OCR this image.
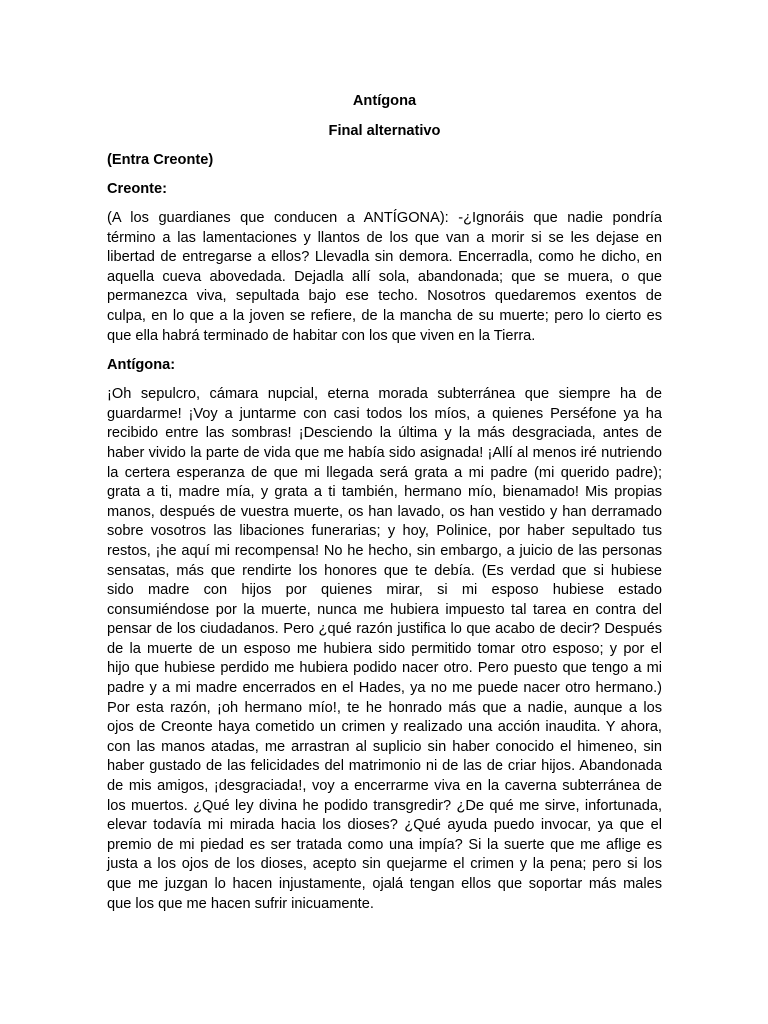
Antígona

Final alternativo

(Entra Creonte)

Creonte:

(A los guardianes que conducen a ANTÍGONA): -¿Ignoráis que nadie pondría
término a las lamentaciones y llantos de los que van a morir si se les dejase en
libertad de entregarse a ellos? Llevadla sin demora. Encerradla, como he dicho, en
aquella cueva abovedada. Dejadla allí sola, abandonada; que se muera, o que
permanezca viva, sepultada bajo ese techo. Nosotros quedaremos exentos de
culpa, en lo que a la joven se refiere, de la mancha de su muerte; pero lo cierto es
que ella habrá terminado de habitar con los que viven en la Tierra.

Antígona:

¡Oh sepulcro, cámara nupcial, eterna morada subterránea que siempre ha de
guardarme! ¡Voy a juntarme con casi todos los míos, a quienes Perséfone ya ha
recibido entre las sombras! ¡Desciendo la última y la más desgraciada, antes de
haber vivido la parte de vida que me había sido asignada! ¡Allí al menos iré nutriendo
la certera esperanza de que mi llegada será grata a mi padre (mi querido padre);
grata a ti, madre mía, y grata a ti también, hermano mío, bienamado! Mis propias
manos, después de vuestra muerte, os han lavado, os han vestido y han derramado
sobre vosotros las libaciones funerarias; y hoy, Polinice, por haber sepultado tus
restos, ¡he aquí mi recompensa! No he hecho, sin embargo, a juicio de las personas
sensatas, más que rendirte los honores que te debía. (Es verdad que si hubiese
sido madre con hijos por quienes mirar, si mi esposo hubiese estado
consumiéndose por la muerte, nunca me hubiera impuesto tal tarea en contra del
pensar de los ciudadanos. Pero ¿qué razón justifica lo que acabo de decir? Después
de la muerte de un esposo me hubiera sido permitido tomar otro esposo; y por el
hijo que hubiese perdido me hubiera podido nacer otro. Pero puesto que tengo a mi
padre y a mi madre encerrados en el Hades, ya no me puede nacer otro hermano.)
Por esta razón, ¡oh hermano mío!, te he honrado más que a nadie, aunque a los
ojos de Creonte haya cometido un crimen y realizado una acción inaudita. Y ahora,
con las manos atadas, me arrastran al suplicio sin haber conocido el himeneo, sin
haber gustado de las felicidades del matrimonio ni de las de criar hijos. Abandonada
de mis amigos, ¡desgraciada!, voy a encerrarme viva en la caverna subterránea de
los muertos. ¿Qué ley divina he podido transgredir? ¿De qué me sirve, infortunada,
elevar todavía mi mirada hacia los dioses? ¿Qué ayuda puedo invocar, ya que el
premio de mi piedad es ser tratada como una impía? Si la suerte que me aflige es
justa a los ojos de los dioses, acepto sin quejarme el crimen y la pena; pero si los
que me juzgan lo hacen injustamente, ojalá tengan ellos que soportar más males
que los que me hacen sufrir inicuamente.
